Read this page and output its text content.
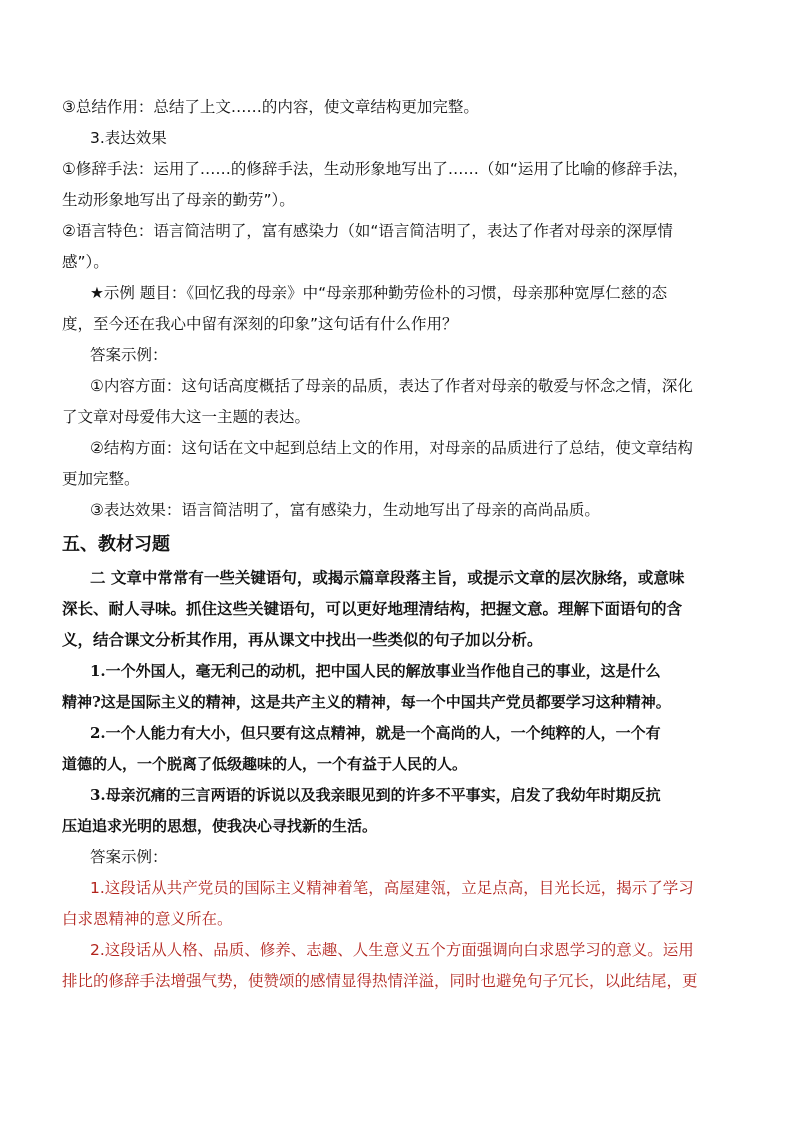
③总结作用：总结了上文……的内容，使文章结构更加完整。
3.表达效果
①修辞手法：运用了……的修辞手法，生动形象地写出了……（如“运用了比喻的修辞手法，
生动形象地写出了母亲的勤劳”）。
②语言特色：语言简洁明了，富有感染力（如“语言简洁明了，表达了作者对母亲的深厚情
感”）。
★示例 题目：《回忆我的母亲》中“母亲那种勤劳俭朴的习惯，母亲那种宽厚仁慈的态
度，至今还在我心中留有深刻的印象”这句话有什么作用？
答案示例：
①内容方面：这句话高度概括了母亲的品质，表达了作者对母亲的敬爱与怀念之情，深化
了文章对母爱伟大这一主题的表达。
②结构方面：这句话在文中起到总结上文的作用，对母亲的品质进行了总结，使文章结构
更加完整。
③表达效果：语言简洁明了，富有感染力，生动地写出了母亲的高尚品质。
五、教材习题
二 文章中常常有一些关键语句，或揭示篇章段落主旨，或提示文章的层次脉络，或意味
深长、耐人寻味。抓住这些关键语句，可以更好地理清结构，把握文意。理解下面语句的含
义，结合课文分析其作用，再从课文中找出一些类似的句子加以分析。
1.一个外国人，毫无利己的动机，把中国人民的解放事业当作他自己的事业，这是什么
精神?这是国际主义的精神，这是共产主义的精神，每一个中国共产党员都要学习这种精神。
2.一个人能力有大小，但只要有这点精神，就是一个高尚的人，一个纯粹的人，一个有
道德的人，一个脱离了低级趣味的人，一个有益于人民的人。
3.母亲沉痛的三言两语的诉说以及我亲眼见到的许多不平事实，启发了我幼年时期反抗
压迫追求光明的思想，使我决心寻找新的生活。
答案示例：
1.这段话从共产党员的国际主义精神着笔，高屋建瓴，立足点高，目光长远，揭示了学习
白求恩精神的意义所在。
2.这段话从人格、品质、修养、志趣、人生意义五个方面强调向白求恩学习的意义。运用
排比的修辞手法增强气势，使赞颂的感情显得热情洋溢，同时也避免句子冗长，以此结尾，更
